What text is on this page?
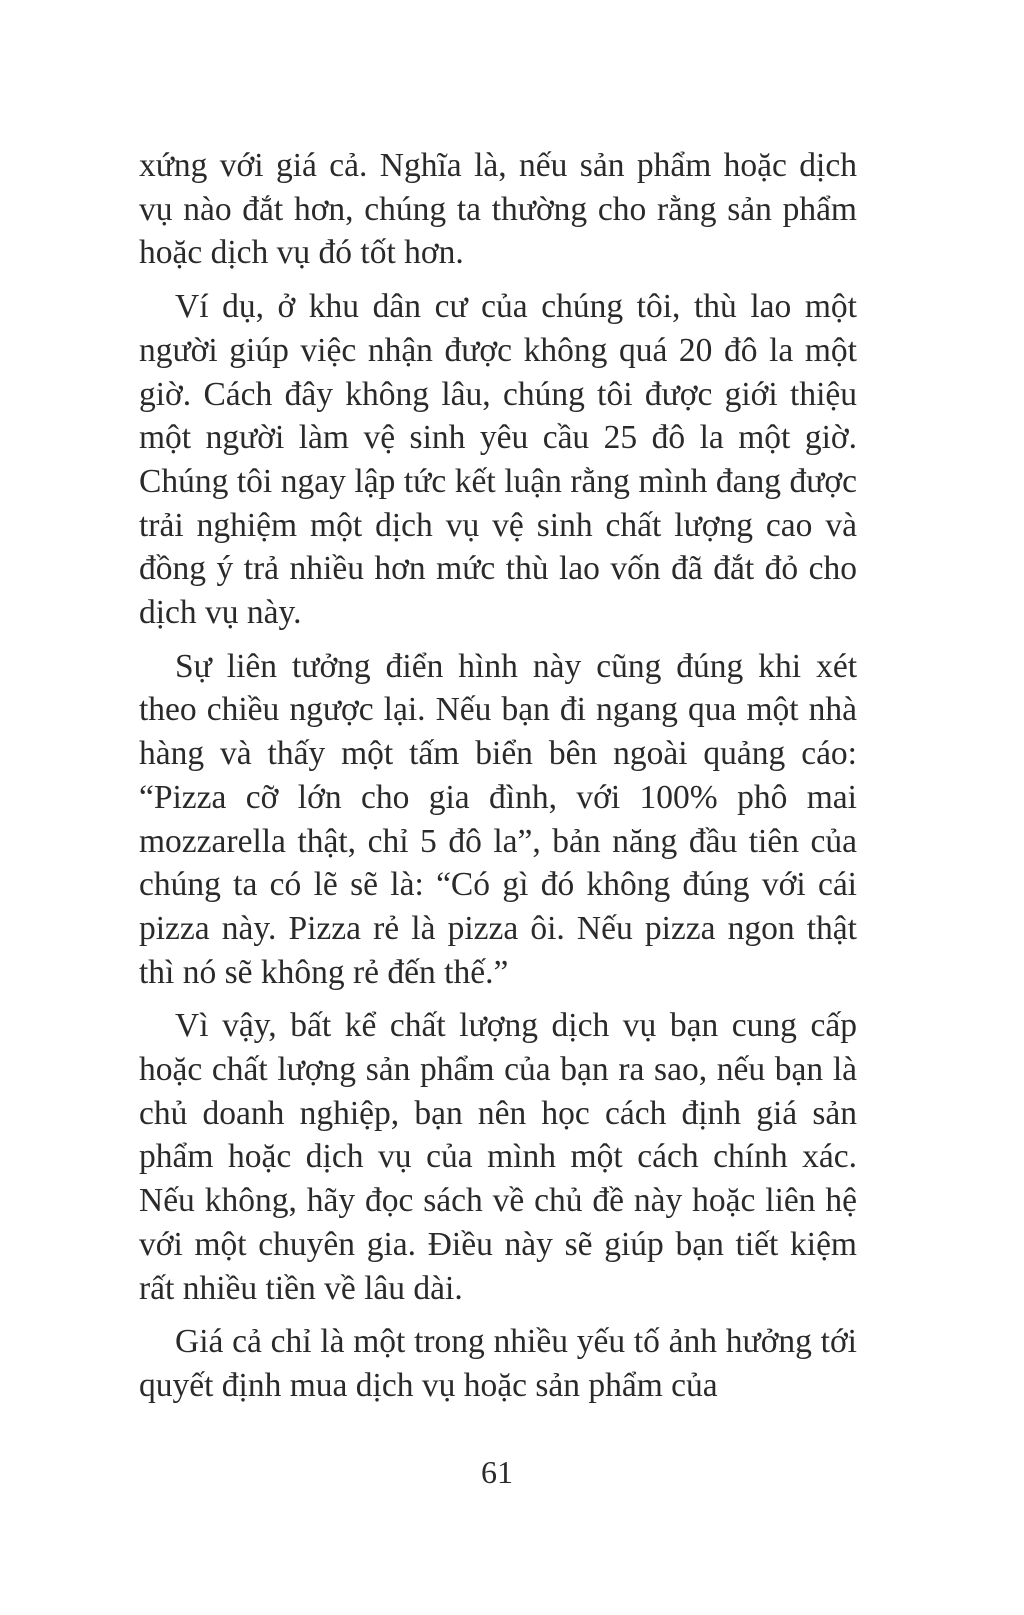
xứng với giá cả. Nghĩa là, nếu sản phẩm hoặc dịch vụ nào đắt hơn, chúng ta thường cho rằng sản phẩm hoặc dịch vụ đó tốt hơn.

Ví dụ, ở khu dân cư của chúng tôi, thù lao một người giúp việc nhận được không quá 20 đô la một giờ. Cách đây không lâu, chúng tôi được giới thiệu một người làm vệ sinh yêu cầu 25 đô la một giờ. Chúng tôi ngay lập tức kết luận rằng mình đang được trải nghiệm một dịch vụ vệ sinh chất lượng cao và đồng ý trả nhiều hơn mức thù lao vốn đã đắt đỏ cho dịch vụ này.

Sự liên tưởng điển hình này cũng đúng khi xét theo chiều ngược lại. Nếu bạn đi ngang qua một nhà hàng và thấy một tấm biển bên ngoài quảng cáo: “Pizza cỡ lớn cho gia đình, với 100% phô mai mozzarella thật, chỉ 5 đô la”, bản năng đầu tiên của chúng ta có lẽ sẽ là: “Có gì đó không đúng với cái pizza này. Pizza rẻ là pizza ôi. Nếu pizza ngon thật thì nó sẽ không rẻ đến thế.”

Vì vậy, bất kể chất lượng dịch vụ bạn cung cấp hoặc chất lượng sản phẩm của bạn ra sao, nếu bạn là chủ doanh nghiệp, bạn nên học cách định giá sản phẩm hoặc dịch vụ của mình một cách chính xác. Nếu không, hãy đọc sách về chủ đề này hoặc liên hệ với một chuyên gia. Điều này sẽ giúp bạn tiết kiệm rất nhiều tiền về lâu dài.

Giá cả chỉ là một trong nhiều yếu tố ảnh hưởng tới quyết định mua dịch vụ hoặc sản phẩm của

61
